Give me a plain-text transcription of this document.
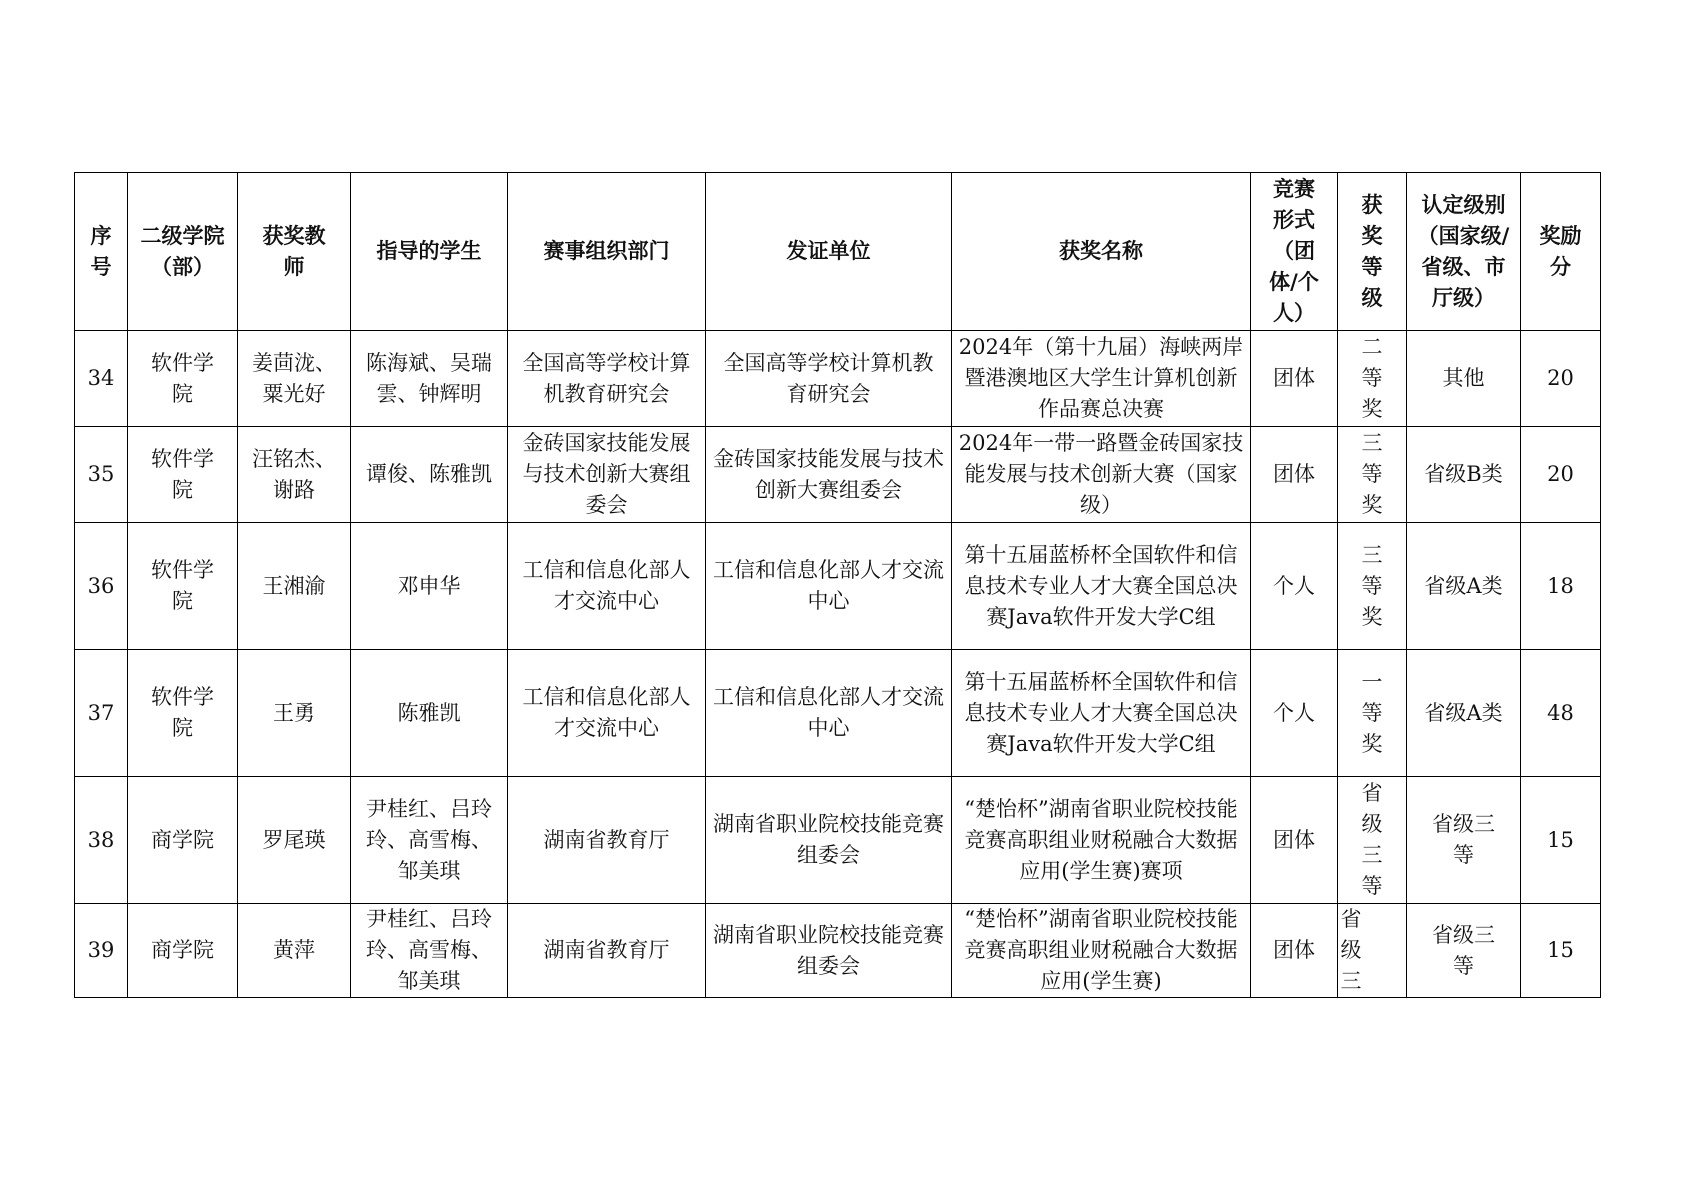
序号	二级学院（部）	获奖教师	指导的学生	赛事组织部门	发证单位	获奖名称	竞赛形式（团体/个人）	获奖等级	认定级别（国家级/省级、市厅级）	奖励分

34	软件学院	姜茴泷、粟光好	陈海斌、吴瑞雲、钟辉明	全国高等学校计算机教育研究会	全国高等学校计算机教育研究会	2024年（第十九届）海峡两岸暨港澳地区大学生计算机创新作品赛总决赛	团体	二等奖	其他	20
35	软件学院	汪铭杰、谢路	谭俊、陈雅凯	金砖国家技能发展与技术创新大赛组委会	金砖国家技能发展与技术创新大赛组委会	2024年一带一路暨金砖国家技能发展与技术创新大赛（国家级）	团体	三等奖	省级B类	20
36	软件学院	王湘渝	邓申华	工信和信息化部人才交流中心	工信和信息化部人才交流中心	第十五届蓝桥杯全国软件和信息技术专业人才大赛全国总决赛Java软件开发大学C组	个人	三等奖	省级A类	18
37	软件学院	王勇	陈雅凯	工信和信息化部人才交流中心	工信和信息化部人才交流中心	第十五届蓝桥杯全国软件和信息技术专业人才大赛全国总决赛Java软件开发大学C组	个人	一等奖	省级A类	48
38	商学院	罗尾瑛	尹桂红、吕玲玲、高雪梅、邹美琪	湖南省教育厅	湖南省职业院校技能竞赛组委会	“楚怡杯”湖南省职业院校技能竞赛高职组业财税融合大数据应用(学生赛)赛项	团体	省级三等	省级三等	15
39	商学院	黄萍	尹桂红、吕玲玲、高雪梅、邹美琪	湖南省教育厅	湖南省职业院校技能竞赛组委会	“楚怡杯”湖南省职业院校技能竞赛高职组业财税融合大数据应用(学生赛)	团体	省级三	省级三等	15
